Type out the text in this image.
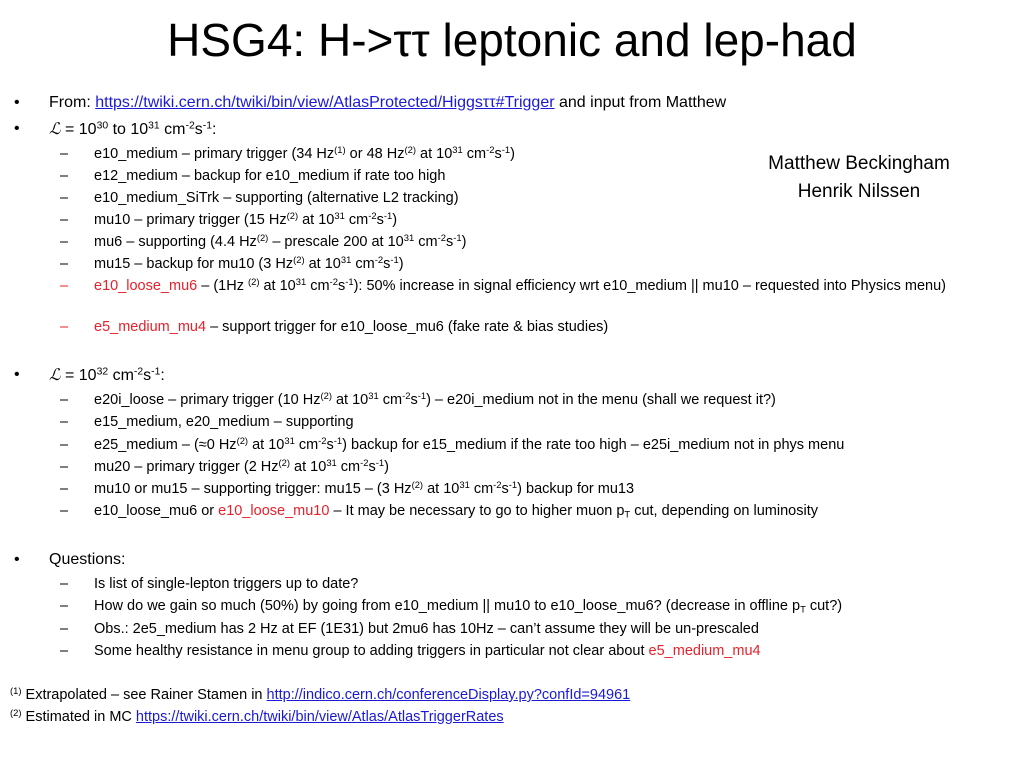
HSG4: H->ττ leptonic and lep-had
Matthew Beckingham
Henrik Nilssen
• From: https://twiki.cern.ch/twiki/bin/view/AtlasProtected/Higgsττ#Trigger and input from Matthew
• ℒ = $10^{30}$ to $10^{31}$ $cm^{-2}s^{-1}$:
– e10_medium – primary trigger (34 Hz$^{(1)}$ or 48 Hz$^{(2)}$ at $10^{31}$ $cm^{-2}s^{-1}$)
– e12_medium – backup for e10_medium if rate too high
– e10_medium_SiTrk – supporting (alternative L2 tracking)
– mu10 – primary trigger (15 Hz$^{(2)}$ at $10^{31}$ $cm^{-2}s^{-1}$)
– mu6 – supporting (4.4 Hz$^{(2)}$ – prescale 200 at $10^{31}$ $cm^{-2}s^{-1}$)
– mu15 – backup for mu10 (3 Hz$^{(2)}$ at $10^{31}$ $cm^{-2}s^{-1}$)
– e10_loose_mu6 – (1Hz $^{(2)}$ at $10^{31}$ $cm^{-2}s^{-1}$): 50% increase in signal efficiency wrt e10_medium || mu10 – requested into Physics menu)
– e5_medium_mu4 – support trigger for e10_loose_mu6 (fake rate & bias studies)
• ℒ = $10^{32}$ $cm^{-2}s^{-1}$:
– e20i_loose – primary trigger (10 Hz$^{(2)}$ at $10^{31}$ $cm^{-2}s^{-1}$) – e20i_medium not in the menu (shall we request it?)
– e15_medium, e20_medium – supporting
– e25_medium – (≈0 Hz$^{(2)}$ at $10^{31}$ $cm^{-2}s^{-1}$) backup for e15_medium if the rate too high – e25i_medium not in phys menu
– mu20 – primary trigger (2 Hz$^{(2)}$ at $10^{31}$ $cm^{-2}s^{-1}$)
– mu10 or mu15 – supporting trigger: mu15 – (3 Hz$^{(2)}$ at $10^{31}$ $cm^{-2}s^{-1}$) backup for mu13
– e10_loose_mu6 or e10_loose_mu10 – It may be necessary to go to higher muon $p_T$ cut, depending on luminosity
• Questions:
– Is list of single-lepton triggers up to date?
– How do we gain so much (50%) by going from e10_medium || mu10 to e10_loose_mu6? (decrease in offline $p_T$ cut?)
– Obs.: 2e5_medium has 2 Hz at EF (1E31) but 2mu6 has 10Hz – can’t assume they will be un-prescaled
– Some healthy resistance in menu group to adding triggers in particular not clear about e5_medium_mu4
$^{(1)}$ Extrapolated – see Rainer Stamen in http://indico.cern.ch/conferenceDisplay.py?confId=94961
$^{(2)}$ Estimated in MC https://twiki.cern.ch/twiki/bin/view/Atlas/AtlasTriggerRates
